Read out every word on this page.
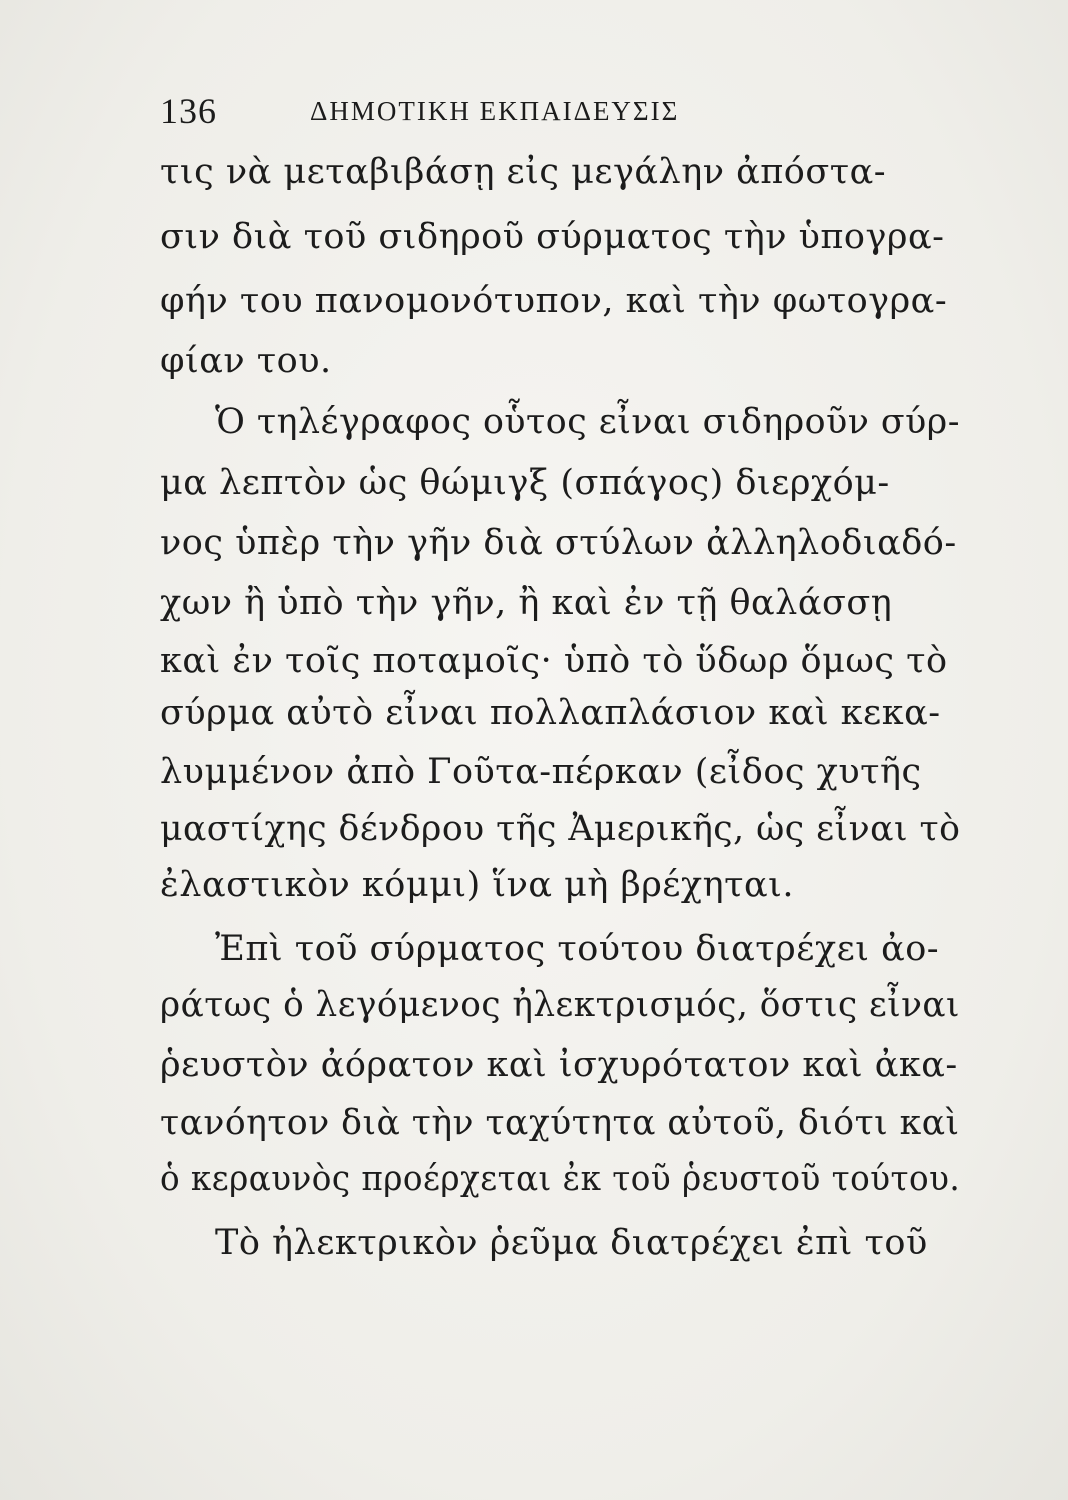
136	ΔΗΜΟΤΙΚΗ ΕΚΠΑΙΔΕΥΣΙΣ
τις νὰ μεταβιβάσῃ εἰς μεγάλην ἀπόστα-
σιν διὰ τοῦ σιδηροῦ σύρματος τὴν ὑπογρα-
φήν του πανομονότυπον, καὶ τὴν φωτογρα-
φίαν του.
Ὁ τηλέγραφος οὗτος εἶναι σιδηροῦν σύρ-
μα λεπτὸν ὡς θώμιγξ (σπάγος) διερχόμ-
νος ὑπὲρ τὴν γῆν διὰ στύλων ἀλληλοδιαδό-
χων ἢ ὑπὸ τὴν γῆν, ἢ καὶ ἐν τῇ θαλάσσῃ
καὶ ἐν τοῖς ποταμοῖς· ὑπὸ τὸ ὕδωρ ὅμως τὸ
σύρμα αὐτὸ εἶναι πολλαπλάσιον καὶ κεκα-
λυμμένον ἀπὸ Γοῦτα-πέρκαν (εἶδος χυτῆς
μαστίχης δένδρου τῆς Ἀμερικῆς, ὡς εἶναι τὸ
ἐλαστικὸν κόμμι) ἵνα μὴ βρέχηται.
Ἐπὶ τοῦ σύρματος τούτου διατρέχει ἀο-
ράτως ὁ λεγόμενος ἠλεκτρισμός, ὅστις εἶναι
ῥευστὸν ἀόρατον καὶ ἰσχυρότατον καὶ ἀκα-
τανόητον διὰ τὴν ταχύτητα αὐτοῦ, διότι καὶ
ὁ κεραυνὸς προέρχεται ἐκ τοῦ ῥευστοῦ τούτου.
Τὸ ἠλεκτρικὸν ῥεῦμα διατρέχει ἐπὶ τοῦ
